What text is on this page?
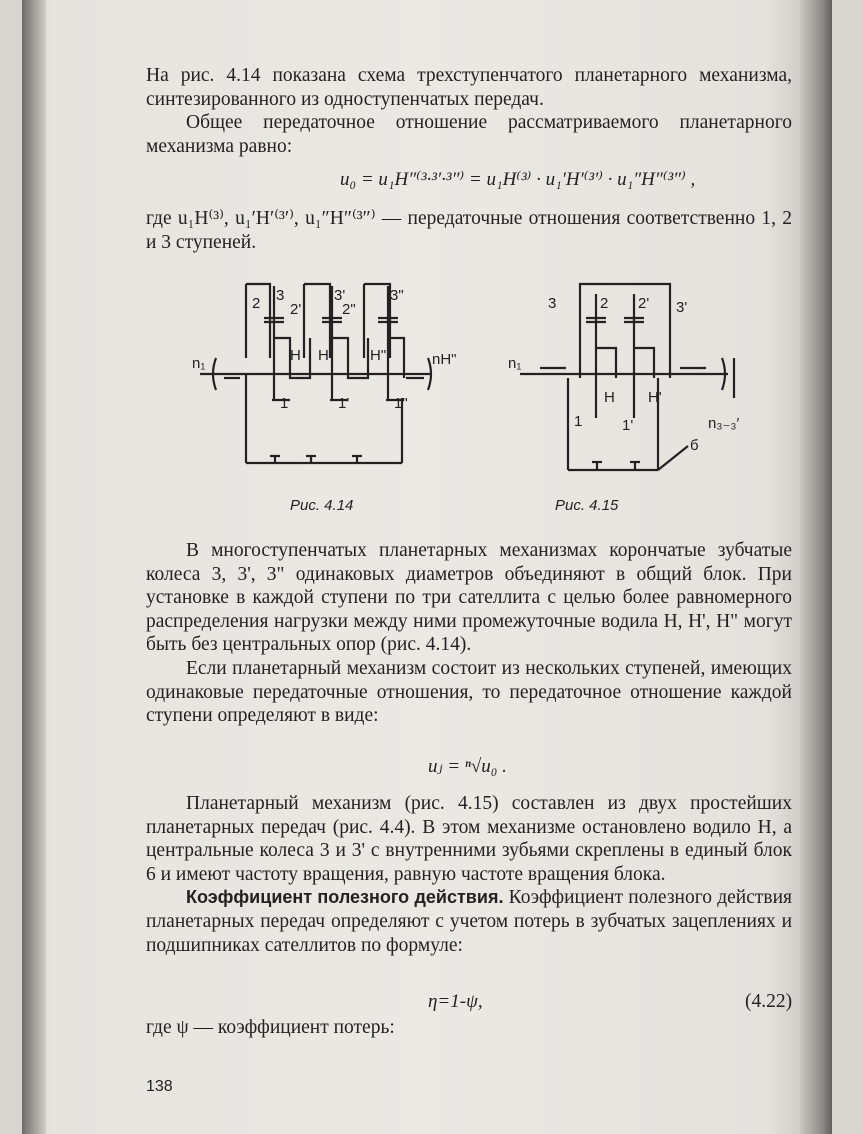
На рис. 4.14 показана схема трехступенчатого планетарного механизма, синтезированного из одноступенчатых передач.

Общее передаточное отношение рассматриваемого планетарного механизма равно:

u₀ = u₁H″⁽³·³′·³″⁾ = u₁H⁽³⁾ · u₁′H′⁽³′⁾ · u₁″H″⁽³″⁾ ,
где u₁H⁽³⁾, u₁′H′⁽³′⁾, u₁″H″⁽³″⁾ — передаточные отношения соответственно 1, 2 и 3 ступеней.
2 3
2'
3'
2"
3"
H H'	H"
1	1'	1"
n₁	nH"
3	2 2' 3'
H H'
1	1'
n₁
n₃₋₃′
б
Рис. 4.14	Рис. 4.15

В многоступенчатых планетарных механизмах корончатые зубчатые колеса 3, 3', 3" одинаковых диаметров объединяют в общий блок. При установке в каждой ступени по три сателлита с целью более равномерного распределения нагрузки между ними промежуточные водила H, H', H" могут быть без центральных опор (рис. 4.14).

Если планетарный механизм состоит из нескольких ступеней, имеющих одинаковые передаточные отношения, то передаточное отношение каждой ступени определяют в виде:

uⱼ = ⁿ√u₀ .

Планетарный механизм (рис. 4.15) составлен из двух простейших планетарных передач (рис. 4.4). В этом механизме остановлено водило H, а центральные колеса 3 и 3' с внутренними зубьями скреплены в единый блок 6 и имеют частоту вращения, равную частоте вращения блока.

Коэффициент полезного действия. Коэффициент полезного действия планетарных передач определяют с учетом потерь в зубчатых зацеплениях и подшипниках сателлитов по формуле:

η=1-ψ,	(4.22)
где ψ — коэффициент потерь:
138
